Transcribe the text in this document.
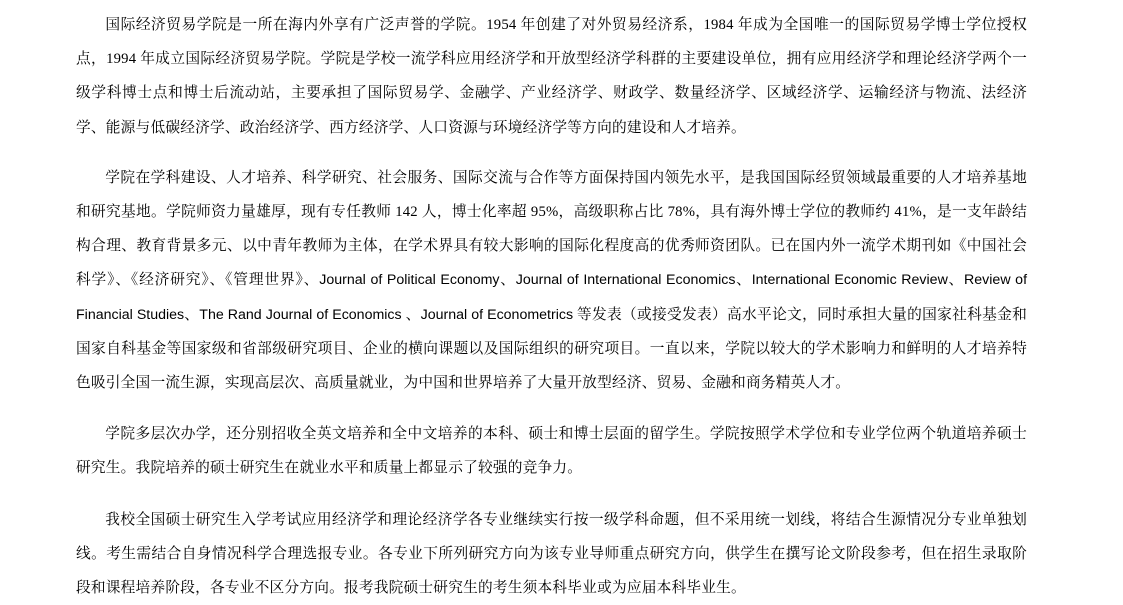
国际经济贸易学院是一所在海内外享有广泛声誉的学院。1954 年创建了对外贸易经济系，1984 年成为全国唯一的国际贸易学博士学位授权点，1994 年成立国际经济贸易学院。学院是学校一流学科应用经济学和开放型经济学科群的主要建设单位，拥有应用经济学和理论经济学两个一级学科博士点和博士后流动站，主要承担了国际贸易学、金融学、产业经济学、财政学、数量经济学、区域经济学、运输经济与物流、法经济学、能源与低碳经济学、政治经济学、西方经济学、人口资源与环境经济学等方向的建设和人才培养。

学院在学科建设、人才培养、科学研究、社会服务、国际交流与合作等方面保持国内领先水平，是我国国际经贸领域最重要的人才培养基地和研究基地。学院师资力量雄厚，现有专任教师 142 人，博士化率超 95%，高级职称占比 78%，具有海外博士学位的教师约 41%，是一支年龄结构合理、教育背景多元、以中青年教师为主体，在学术界具有较大影响的国际化程度高的优秀师资团队。已在国内外一流学术期刊如《中国社会科学》、《经济研究》、《管理世界》、Journal of Political Economy、Journal of International Economics、International Economic Review、Review of Financial Studies、The Rand Journal of Economics 、Journal of Econometrics 等发表（或接受发表）高水平论文，同时承担大量的国家社科基金和国家自科基金等国家级和省部级研究项目、企业的横向课题以及国际组织的研究项目。一直以来，学院以较大的学术影响力和鲜明的人才培养特色吸引全国一流生源，实现高层次、高质量就业，为中国和世界培养了大量开放型经济、贸易、金融和商务精英人才。

学院多层次办学，还分别招收全英文培养和全中文培养的本科、硕士和博士层面的留学生。学院按照学术学位和专业学位两个轨道培养硕士研究生。我院培养的硕士研究生在就业水平和质量上都显示了较强的竞争力。

我校全国硕士研究生入学考试应用经济学和理论经济学各专业继续实行按一级学科命题，但不采用统一划线，将结合生源情况分专业单独划线。考生需结合自身情况科学合理选报专业。各专业下所列研究方向为该专业导师重点研究方向，供学生在撰写论文阶段参考，但在招生录取阶段和课程培养阶段，各专业不区分方向。报考我院硕士研究生的考生须本科毕业或为应届本科毕业生。
